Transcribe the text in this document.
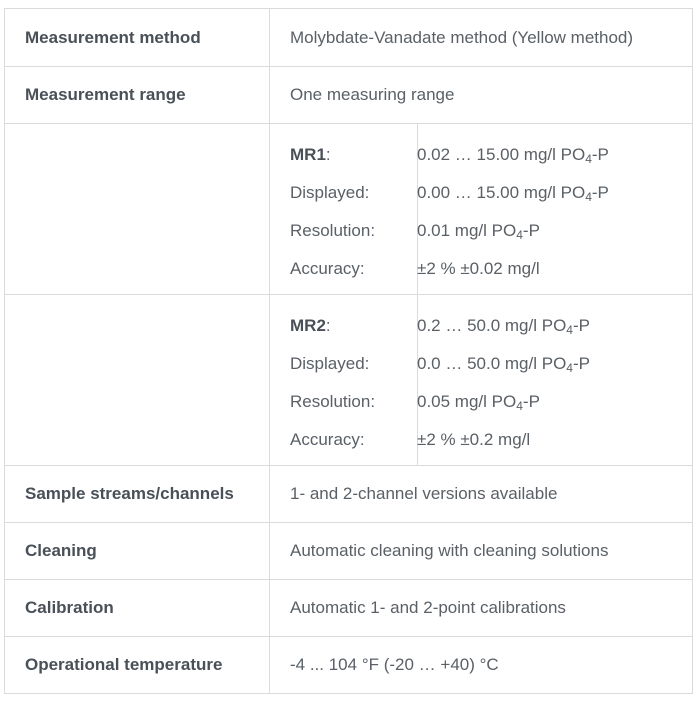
Measurement method	Molybdate-Vanadate method (Yellow method)
Measurement range	One measuring range

MR1:	0.02 … 15.00 mg/l $PO_4-P$
Displayed:	0.00 … 15.00 mg/l $PO_4-P$
Resolution:	0.01 mg/l $PO_4-P$
Accuracy:	±2 % ±0.02 mg/l

MR2:	0.2 … 50.0 mg/l $PO_4-P$
Displayed:	0.0 … 50.0 mg/l $PO_4-P$
Resolution:	0.05 mg/l $PO_4-P$
Accuracy:	±2 % ±0.2 mg/l

Sample streams/channels	1- and 2-channel versions available
Cleaning	Automatic cleaning with cleaning solutions
Calibration	Automatic 1- and 2-point calibrations
Operational temperature	-4 ... 104 °F (-20 … +40) °C
